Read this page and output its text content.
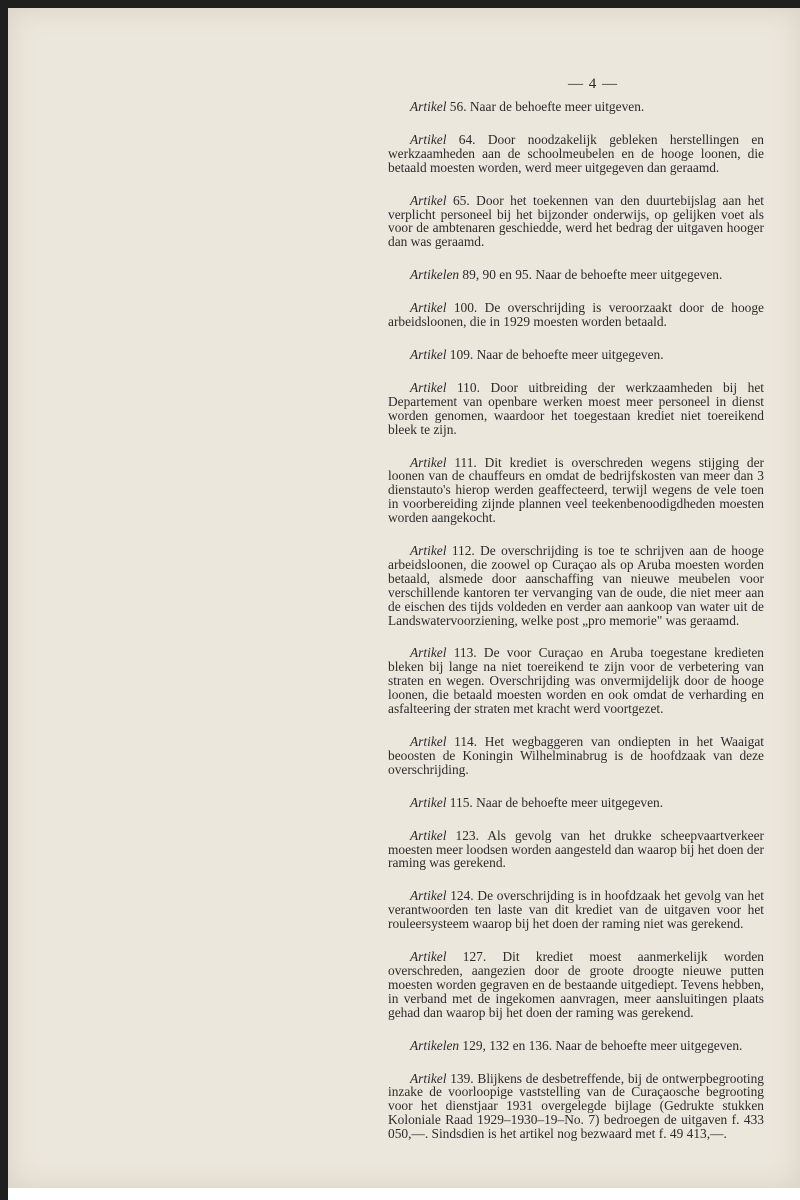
— 4 —

Artikel 56. Naar de behoefte meer uitgeven.

Artikel 64. Door noodzakelijk gebleken herstellingen en werkzaamheden aan de schoolmeubelen en de hooge loonen, die betaald moesten worden, werd meer uitgegeven dan geraamd.

Artikel 65. Door het toekennen van den duurtebijslag aan het verplicht personeel bij het bijzonder onderwijs, op gelijken voet als voor de ambtenaren geschiedde, werd het bedrag der uitgaven hooger dan was geraamd.

Artikelen 89, 90 en 95. Naar de behoefte meer uitgegeven.

Artikel 100. De overschrijding is veroorzaakt door de hooge arbeidsloonen, die in 1929 moesten worden betaald.

Artikel 109. Naar de behoefte meer uitgegeven.

Artikel 110. Door uitbreiding der werkzaamheden bij het Departement van openbare werken moest meer personeel in dienst worden genomen, waardoor het toegestaan krediet niet toereikend bleek te zijn.

Artikel 111. Dit krediet is overschreden wegens stijging der loonen van de chauffeurs en omdat de bedrijfskosten van meer dan 3 dienstauto's hierop werden geaffecteerd, terwijl wegens de vele toen in voorbereiding zijnde plannen veel teekenbenoodigdheden moesten worden aangekocht.

Artikel 112. De overschrijding is toe te schrijven aan de hooge arbeidsloonen, die zoowel op Curaçao als op Aruba moesten worden betaald, alsmede door aanschaffing van nieuwe meubelen voor verschillende kantoren ter vervanging van de oude, die niet meer aan de eischen des tijds voldeden en verder aan aankoop van water uit de Landswatervoorziening, welke post „pro memorie" was geraamd.

Artikel 113. De voor Curaçao en Aruba toegestane kredieten bleken bij lange na niet toereikend te zijn voor de verbetering van straten en wegen. Overschrijding was onvermijdelijk door de hooge loonen, die betaald moesten worden en ook omdat de verharding en asfalteering der straten met kracht werd voortgezet.

Artikel 114. Het wegbaggeren van ondiepten in het Waaigat beoosten de Koningin Wilhelminabrug is de hoofdzaak van deze overschrijding.

Artikel 115. Naar de behoefte meer uitgegeven.

Artikel 123. Als gevolg van het drukke scheepvaartverkeer moesten meer loodsen worden aangesteld dan waarop bij het doen der raming was gerekend.

Artikel 124. De overschrijding is in hoofdzaak het gevolg van het verantwoorden ten laste van dit krediet van de uitgaven voor het rouleersysteem waarop bij het doen der raming niet was gerekend.

Artikel 127. Dit krediet moest aanmerkelijk worden overschreden, aangezien door de groote droogte nieuwe putten moesten worden gegraven en de bestaande uitgediept. Tevens hebben, in verband met de ingekomen aanvragen, meer aansluitingen plaats gehad dan waarop bij het doen der raming was gerekend.

Artikelen 129, 132 en 136. Naar de behoefte meer uitgegeven.

Artikel 139. Blijkens de desbetreffende, bij de ontwerpbegrooting inzake de voorloopige vaststelling van de Curaçaosche begrooting voor het dienstjaar 1931 overgelegde bijlage (Gedrukte stukken Koloniale Raad 1929–1930–19–No. 7) bedroegen de uitgaven f. 433 050,—. Sindsdien is het artikel nog bezwaard met f. 49 413,—.
